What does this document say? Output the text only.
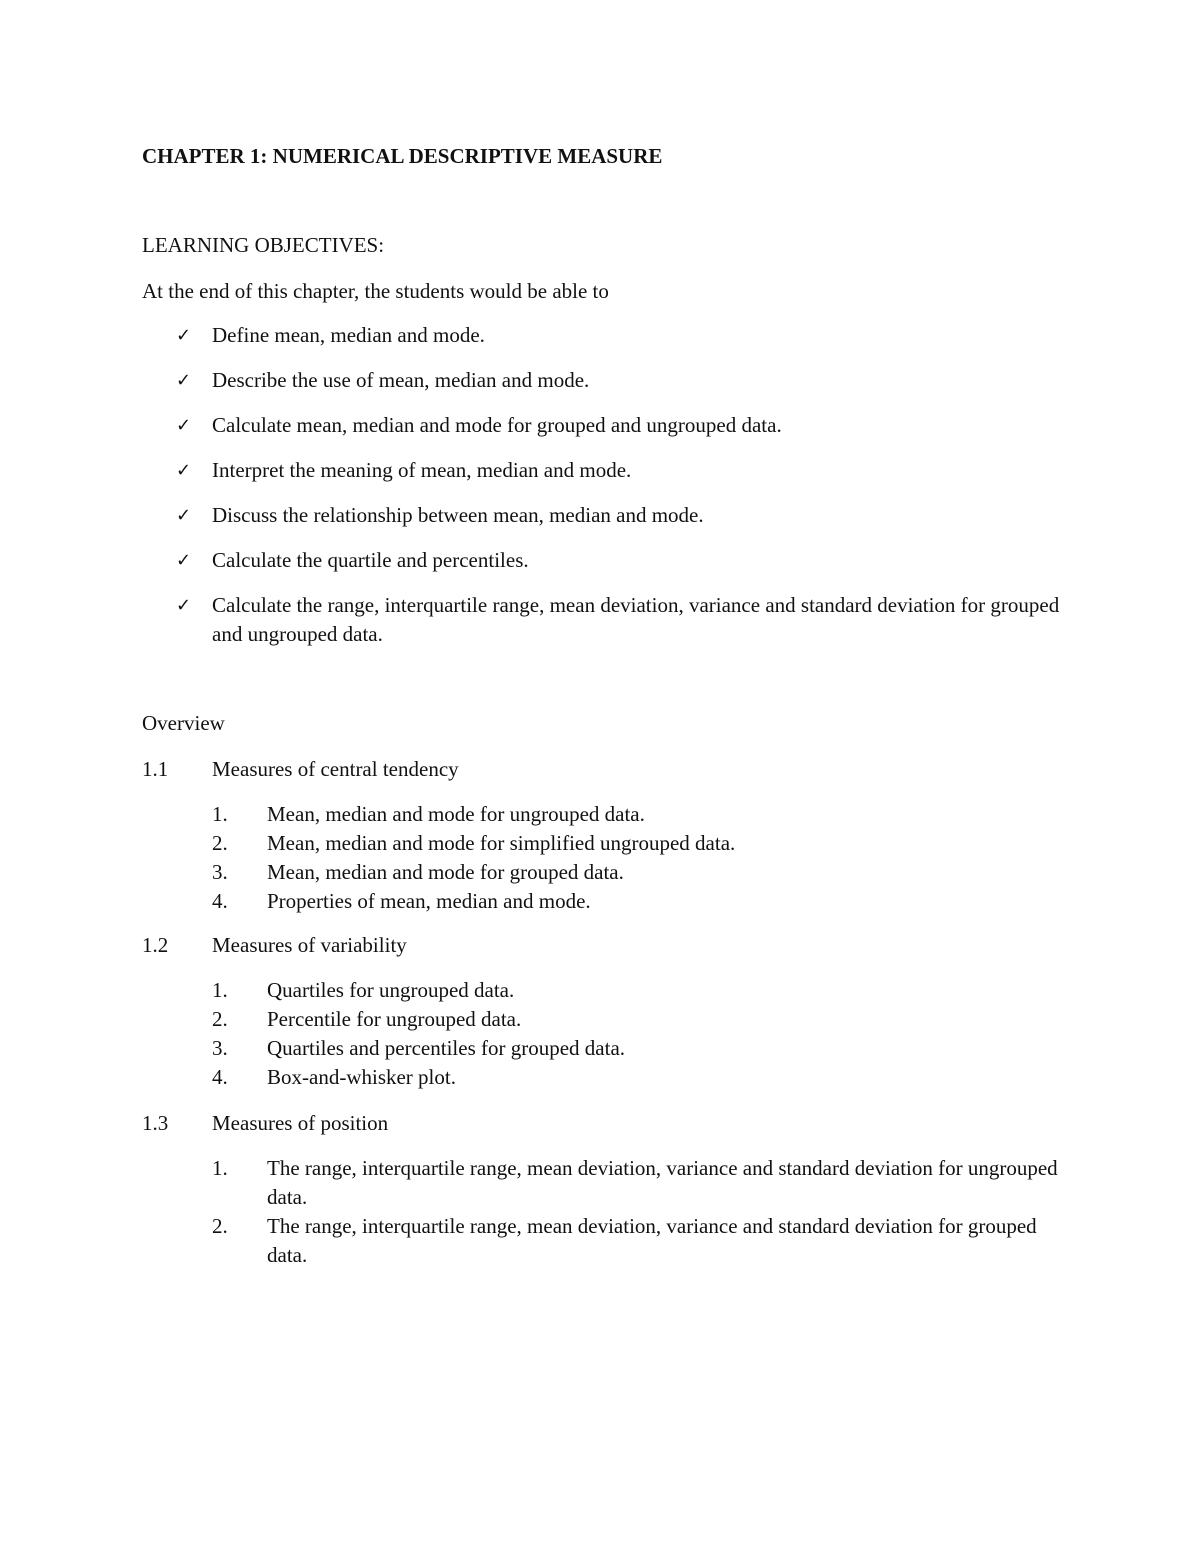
CHAPTER 1: NUMERICAL DESCRIPTIVE MEASURE
LEARNING OBJECTIVES:
At the end of this chapter, the students would be able to
✓ Define mean, median and mode.
✓ Describe the use of mean, median and mode.
✓ Calculate mean, median and mode for grouped and ungrouped data.
✓ Interpret the meaning of mean, median and mode.
✓ Discuss the relationship between mean, median and mode.
✓ Calculate the quartile and percentiles.
✓ Calculate the range, interquartile range, mean deviation, variance and standard deviation for grouped and ungrouped data.
Overview
1.1 Measures of central tendency
1. Mean, median and mode for ungrouped data.
2. Mean, median and mode for simplified ungrouped data.
3. Mean, median and mode for grouped data.
4. Properties of mean, median and mode.
1.2 Measures of variability
1. Quartiles for ungrouped data.
2. Percentile for ungrouped data.
3. Quartiles and percentiles for grouped data.
4. Box-and-whisker plot.
1.3 Measures of position
1. The range, interquartile range, mean deviation, variance and standard deviation for ungrouped data.
2. The range, interquartile range, mean deviation, variance and standard deviation for grouped data.
